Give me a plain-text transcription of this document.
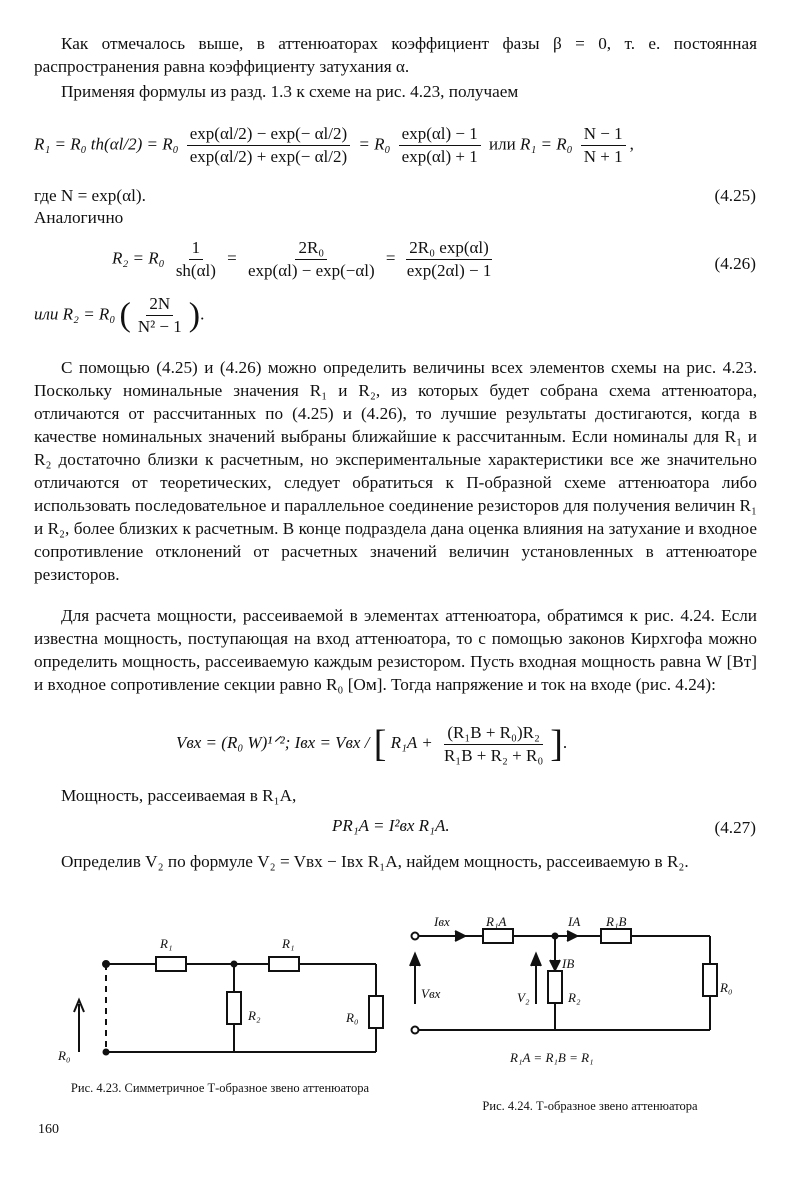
Как отмечалось выше, в аттенюаторах коэффициент фазы β = 0, т. е. постоянная распространения равна коэффициенту затухания α.
Применяя формулы из разд. 1.3 к схеме на рис. 4.23, получаем
R₁ = R₀ $th(\alpha l/2) = R_0 \frac{\exp(\alpha l/2) - \exp(- \alpha l/2)}{\exp(\alpha l/2) + \exp(- \alpha l/2)} = R_0 \frac{\exp(\alpha l) - 1}{\exp(\alpha l) + 1}$ или $R_1 = R_0 \frac{N - 1}{N + 1}$ ,
где N = exp(αl).	(4.25)
Аналогично
$R_2 = R_0 \frac{1}{sh(\alpha l)} = \frac{\text{2R₀}}{\exp(\alpha l) - \exp(-\alpha l)} = \frac{\text{2R₀ exp(αl)}}{\exp(2\alpha l) - 1}$	(4.26)
или R₂ = R₀ ( $\frac{2N}{\text{N² − 1}}$ ).
С помощью (4.25) и (4.26) можно определить величины всех элементов схемы на рис. 4.23. Поскольку номинальные значения R₁ и R₂, из которых будет собрана схема аттенюатора, отличаются от рассчитанных по (4.25) и (4.26), то лучшие результаты достигаются, когда в качестве номинальных значений выбраны ближайшие к рассчитанным. Если номиналы для R₁ и R₂ достаточно близки к расчетным, но экспериментальные характеристики все же значительно отличаются от теоретических, следует обратиться к П-образной схеме аттенюатора либо использовать последовательное и параллельное соединение резисторов для получения величин R₁ и R₂, более близких к расчетным. В конце подраздела дана оценка влияния на затухание и входное сопротивление отклонений от расчетных значений величин установленных в аттенюаторе резисторов.
Для расчета мощности, рассеиваемой в элементах аттенюатора, обратимся к рис. 4.24. Если известна мощность, поступающая на вход аттенюатора, то с помощью законов Кирхгофа можно определить мощность, рассеиваемую каждым резистором. Пусть входная мощность равна W [Вт] и входное сопротивление секции равно R₀ [Ом]. Тогда напряжение и ток на входе (рис. 4.24):
Vвх = (R₀ W)¹ᐟ²; Iвх = Vвх / [ $R_1A + \frac{\text{(R₁B + R₀)R₂}}{\text{R₁B + R₂ + R₀}}$ ].
Мощность, рассеиваемая в R₁A,
PR₁A = I²вх R₁A.	(4.27)
Определив V₂ по формуле V₂ = Vвх − Iвх R₁A, найдем мощность, рассеиваемую в R₂.
R₁	R₁
R₂	R₀
R₀
Рис. 4.23. Симметричное Т-образное звено аттенюатора
Iвх	R₁A	IA R₁B
IB
Vвх	V₂	R₂
R₀
R₁A = R₁B = R₁
Рис. 4.24. Т-образное звено аттенюатора
160
